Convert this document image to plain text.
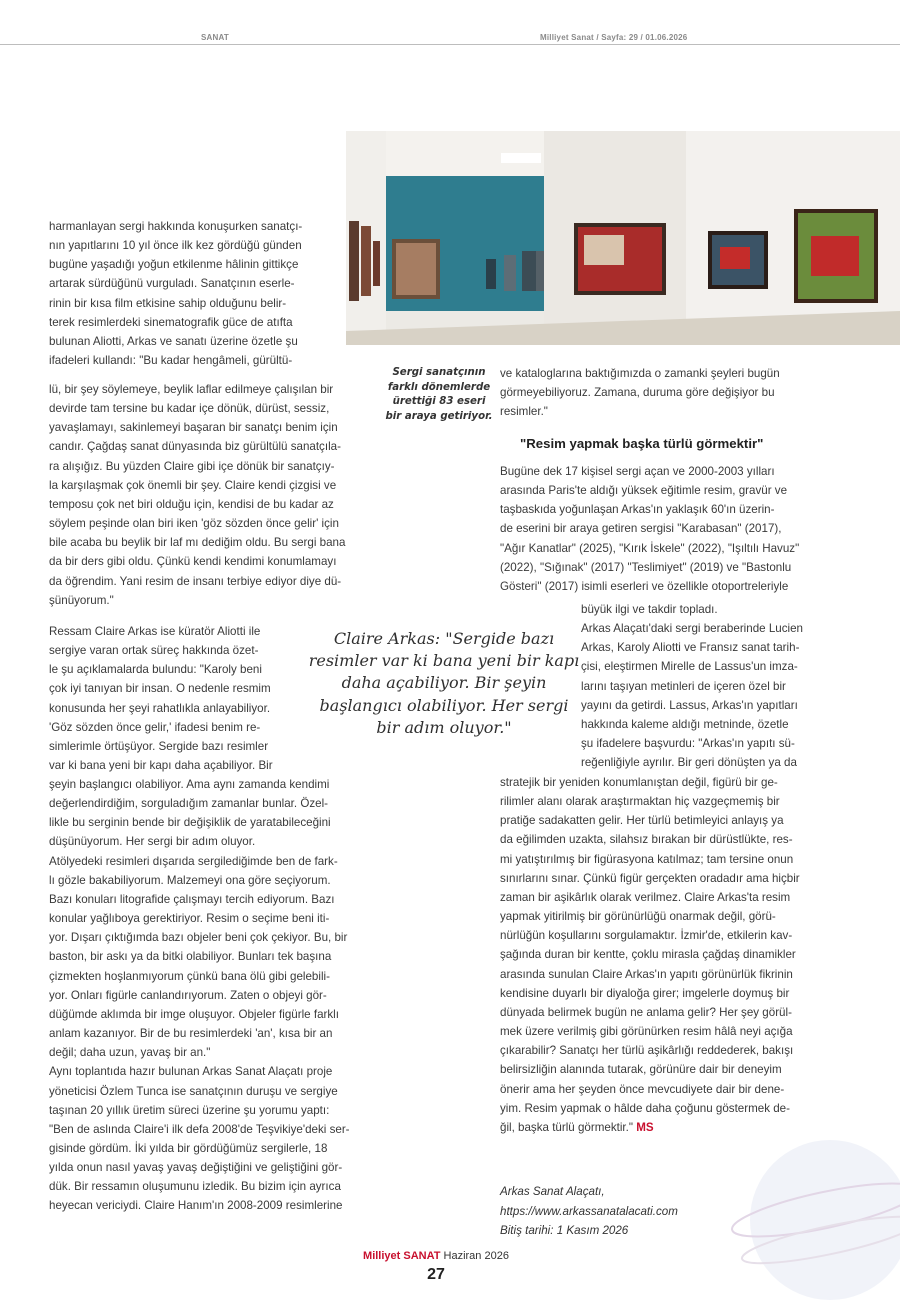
SANAT	Milliyet Sanat / Sayfa: 29 / 01.06.2026

harmanlayan sergi hakkında konuşurken sanatçı-

nın yapıtlarını 10 yıl önce ilk kez gördüğü günden

bugüne yaşadığı yoğun etkilenme hâlinin gittikçe

artarak sürdüğünü vurguladı. Sanatçının eserle-

rinin bir kısa film etkisine sahip olduğunu belir-

terek resimlerdeki sinematografik güce de atıfta

bulunan Aliotti, Arkas ve sanatı üzerine özetle şu

ifadeleri kullandı: "Bu kadar hengâmeli, gürültü-

Sergi sanatçının farklı dönemlerde ürettiği 83 eseri bir araya getiriyor.

lü, bir şey söylemeye, beylik laflar edilmeye çalışılan bir

devirde tam tersine bu kadar içe dönük, dürüst, sessiz,

yavaşlamayı, sakinlemeyi başaran bir sanatçı benim için

candır. Çağdaş sanat dünyasında biz gürültülü sanatçıla-

ra alışığız. Bu yüzden Claire gibi içe dönük bir sanatçıy-

la karşılaşmak çok önemli bir şey. Claire kendi çizgisi ve

temposu çok net biri olduğu için, kendisi de bu kadar az

söylem peşinde olan biri iken 'göz sözden önce gelir' için

bile acaba bu beylik bir laf mı dediğim oldu. Bu sergi bana

da bir ders gibi oldu. Çünkü kendi kendimi konumlamayı

da öğrendim. Yani resim de insanı terbiye ediyor diye dü-

şünüyorum."

Ressam Claire Arkas ise küratör Aliotti ile

sergiye varan ortak süreç hakkında özet-

le şu açıklamalarda bulundu: "Karoly beni

çok iyi tanıyan bir insan. O nedenle resmim

konusunda her şeyi rahatlıkla anlayabiliyor.

'Göz sözden önce gelir,' ifadesi benim re-

simlerimle örtüşüyor. Sergide bazı resimler

var ki bana yeni bir kapı daha açabiliyor. Bir

Claire Arkas: "Sergide bazı resimler var ki bana yeni bir kapı daha açabiliyor. Bir şeyin başlangıcı olabiliyor. Her sergi bir adım oluyor."

şeyin başlangıcı olabiliyor. Ama aynı zamanda kendimi

değerlendirdiğim, sorguladığım zamanlar bunlar. Özel-

likle bu serginin bende bir değişiklik de yaratabileceğini

düşünüyorum. Her sergi bir adım oluyor.

Atölyedeki resimleri dışarıda sergilediğimde ben de fark-

lı gözle bakabiliyorum. Malzemeyi ona göre seçiyorum.

Bazı konuları litografide çalışmayı tercih ediyorum. Bazı

konular yağlıboya gerektiriyor. Resim o seçime beni iti-

yor. Dışarı çıktığımda bazı objeler beni çok çekiyor. Bu, bir

baston, bir askı ya da bitki olabiliyor. Bunları tek başına

çizmekten hoşlanmıyorum çünkü bana ölü gibi gelebili-

yor. Onları figürle canlandırıyorum. Zaten o objeyi gör-

düğümde aklımda bir imge oluşuyor. Objeler figürle farklı

anlam kazanıyor. Bir de bu resimlerdeki 'an', kısa bir an

değil; daha uzun, yavaş bir an."

Aynı toplantıda hazır bulunan Arkas Sanat Alaçatı proje

yöneticisi Özlem Tunca ise sanatçının duruşu ve sergiye

taşınan 20 yıllık üretim süreci üzerine şu yorumu yaptı:

"Ben de aslında Claire'i ilk defa 2008'de Teşvikiye'deki ser-

gisinde gördüm. İki yılda bir gördüğümüz sergilerle, 18

yılda onun nasıl yavaş yavaş değiştiğini ve geliştiğini gör-

dük. Bir ressamın oluşumunu izledik. Bu bizim için ayrıca

heyecan vericiydi. Claire Hanım'ın 2008-2009 resimlerine

ve kataloglarına baktığımızda o zamanki şeyleri bugün

görmeyebiliyoruz. Zamana, duruma göre değişiyor bu

resimler."

"Resim yapmak başka türlü görmektir"

Bugüne dek 17 kişisel sergi açan ve 2000-2003 yılları

arasında Paris'te aldığı yüksek eğitimle resim, gravür ve

taşbaskıda yoğunlaşan Arkas'ın yaklaşık 60'ın üzerin-

de eserini bir araya getiren sergisi "Karabasan" (2017),

"Ağır Kanatlar" (2025), "Kırık İskele" (2022), "Işıltılı Havuz"

(2022), "Sığınak" (2017) "Teslimiyet" (2019) ve "Bastonlu

Gösteri" (2017) isimli eserleri ve özellikle otoportreleriyle

büyük ilgi ve takdir topladı.

Arkas Alaçatı'daki sergi beraberinde Lucien

Arkas, Karoly Aliotti ve Fransız sanat tarih-

çisi, eleştirmen Mirelle de Lassus'un imza-

larını taşıyan metinleri de içeren özel bir

yayını da getirdi. Lassus, Arkas'ın yapıtları

hakkında kaleme aldığı metninde, özetle

şu ifadelere başvurdu: "Arkas'ın yapıtı sü-

reğenliğiyle ayrılır. Bir geri dönüşten ya da

stratejik bir yeniden konumlanıştan değil, figürü bir ge-

rilimler alanı olarak araştırmaktan hiç vazgeçmemiş bir

pratiğe sadakatten gelir. Her türlü betimleyici anlayış ya

da eğilimden uzakta, silahsız bırakan bir dürüstlükte, res-

mi yatıştırılmış bir figürasyona katılmaz; tam tersine onun

sınırlarını sınar. Çünkü figür gerçekten oradadır ama hiçbir

zaman bir aşikârlık olarak verilmez. Claire Arkas'ta resim

yapmak yitirilmiş bir görünürlüğü onarmak değil, görü-

nürlüğün koşullarını sorgulamaktır. İzmir'de, etkilerin kav-

şağında duran bir kentte, çoklu miraslа çağdaş dinamikler

arasında sunulan Claire Arkas'ın yapıtı görünürlük fikrinin

kendisine duyarlı bir diyaloğa girer; imgelerle doymuş bir

dünyada belirmek bugün ne anlama gelir? Her şey görül-

mek üzere verilmiş gibi görünürken resim hâlâ neyi açığa

çıkarabilir? Sanatçı her türlü aşikârlığı reddederek, bakışı

belirsizliğin alanında tutarak, görünüre dair bir deneyim

önerir ama her şeyden önce mevcudiyete dair bir dene-

yim. Resim yapmak o hâlde daha çoğunu göstermek de-

ğil, başka türlü görmektir." MS

Arkas Sanat Alaçatı,
https://www.arkassanatalacati.com
Bitiş tarihi: 1 Kasım 2026
Milliyet SANAT Haziran 2026
27
